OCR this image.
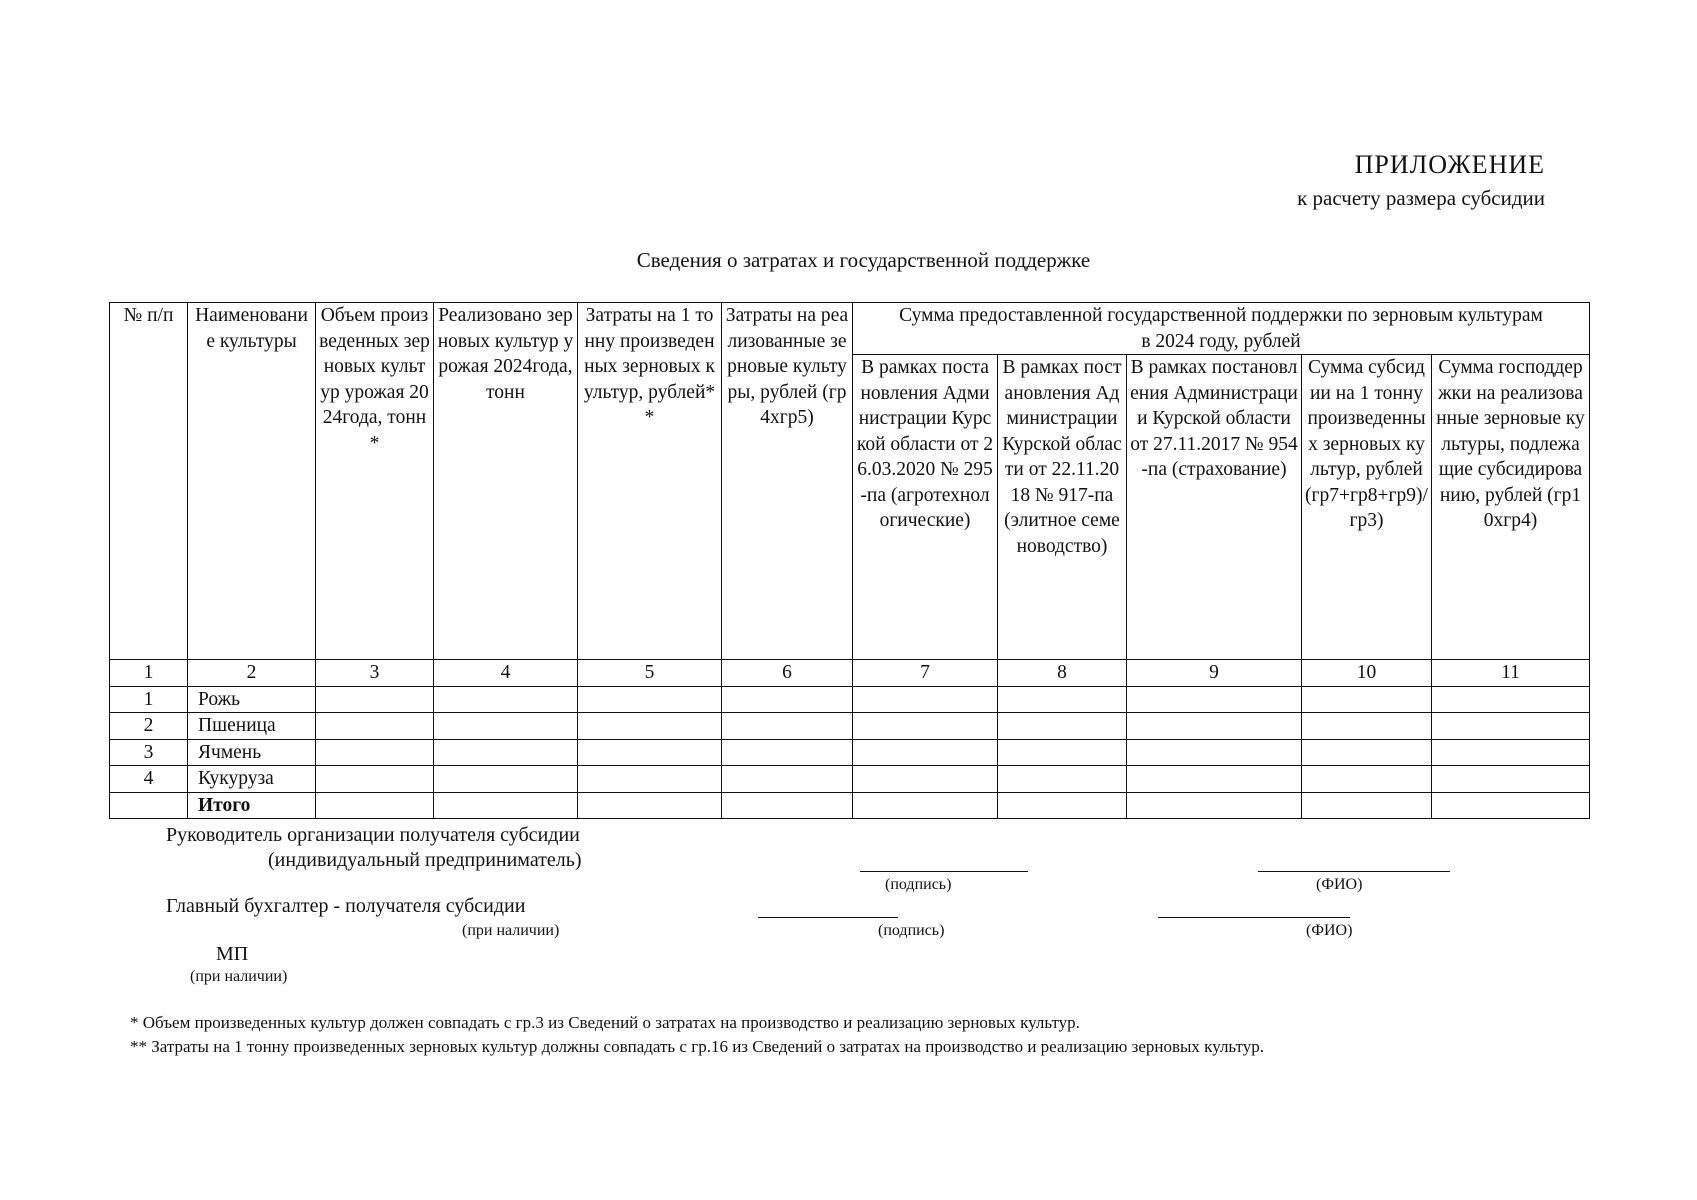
ПРИЛОЖЕНИЕ
к расчету размера субсидии
Сведения о затратах и государственной поддержке
№ п/п	Наименование культуры	Объем произведенных зерновых культур урожая 2024года, тонн*	Реализовано зерновых культур урожая 2024года, тонн	Затраты на 1 тонну произведенных зерновых культур, рублей**	Затраты на реализованные зерновые культуры, рублей (гр4хгр5)	Сумма предоставленной государственной поддержки по зерновым культурам в 2024 году, рублей				
						В рамках постановления Администрации Курской области от 26.03.2020 № 295-па (агротехнологические)	В рамках постановления Администрации Курской области от 22.11.2018 № 917-па (элитное семеноводство)	В рамках постановления Администрации Курской области от 27.11.2017 № 954-па (страхование)	Сумма субсидии на 1 тонну произведенных зерновых культур, рублей (гр7+гр8+гр9)/гр3)	Сумма господдержки на реализованные зерновые культуры, подлежащие субсидированию, рублей (гр10хгр4)
1	2	3	4	5	6	7	8	9	10	11
1	Рожь									
2	Пшеница									
3	Ячмень									
4	Кукуруза									
	Итого									
Руководитель организации получателя субсидии
(индивидуальный предприниматель)
(подпись)	(ФИО)
Главный бухгалтер - получателя субсидии
(при наличии)	(подпись)	(ФИО)
МП
(при наличии)
* Объем произведенных культур должен совпадать с гр.3 из Сведений о затратах на производство и реализацию зерновых культур.
** Затраты на 1 тонну произведенных зерновых культур должны совпадать с гр.16 из Сведений о затратах на производство и реализацию зерновых культур.
